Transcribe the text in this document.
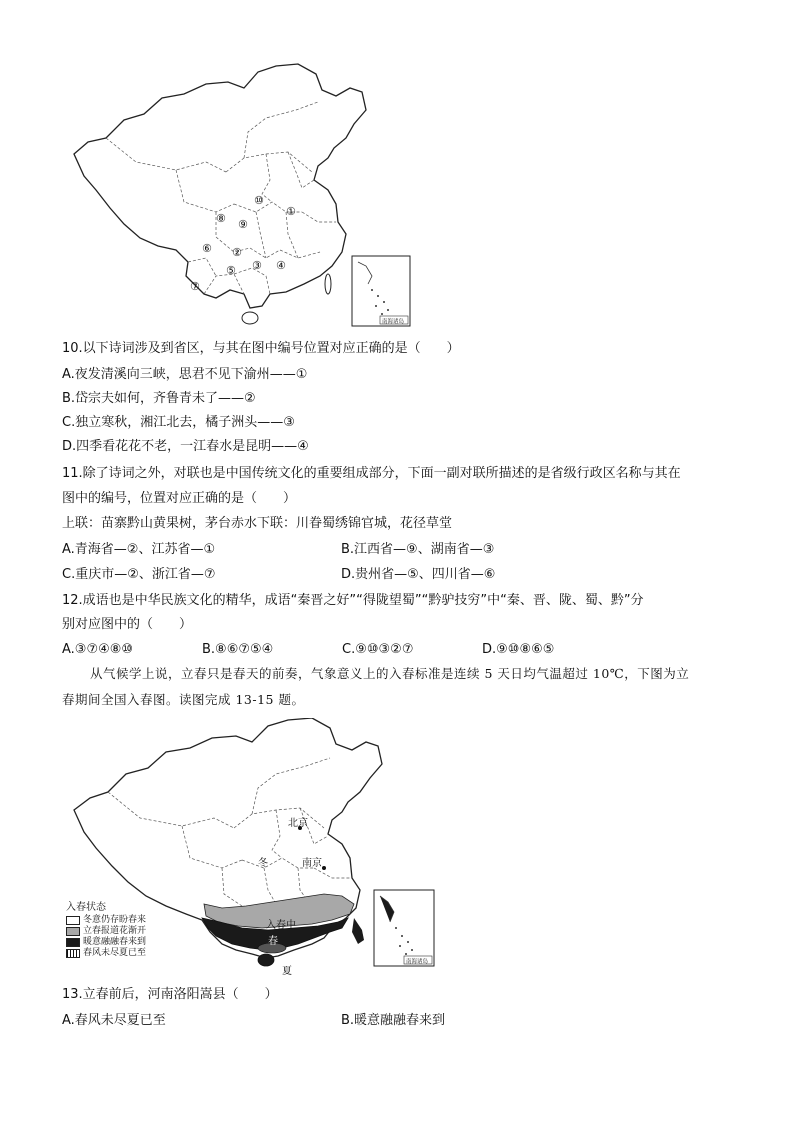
①
②
③ ④
⑤
⑥
⑦
⑧ ⑨
⑩
南海诸岛
10.以下诗词涉及到省区，与其在图中编号位置对应正确的是（　　）
A.夜发清溪向三峡，思君不见下渝州——①
B.岱宗夫如何，齐鲁青未了——②
C.独立寒秋，湘江北去，橘子洲头——③
D.四季看花花不老，一江春水是昆明——④
11.除了诗词之外，对联也是中国传统文化的重要组成部分，下面一副对联所描述的是省级行政区名称与其在
图中的编号，位置对应正确的是（　　）
上联：苗寨黔山黄果树，茅台赤水下联：川眷蜀绣锦官城，花径草堂
A.青海省—②、江苏省—①	B.江西省—⑨、湖南省—③
C.重庆市—②、浙江省—⑦	D.贵州省—⑤、四川省—⑥
12.成语也是中华民族文化的精华，成语“秦晋之好”“得陇望蜀”“黔驴技穷”中“秦、晋、陇、蜀、黔”分
别对应图中的（　　）
A.③⑦④⑧⑩	B.⑧⑥⑦⑤④	C.⑨⑩③②⑦	D.⑨⑩⑧⑥⑤
从气候学上说，立春只是春天的前奏，气象意义上的入春标准是连续 5 天日均气温超过 10℃，下图为立
春期间全国入春图。读图完成 13-15 题。
北京
南京
冬
入春中
春
夏
南海诸岛
入春状态
冬意仍存盼春来
立春报道花渐开
暖意融融春来到
春风未尽夏已至
13.立春前后，河南洛阳嵩县（　　）
A.春风未尽夏已至	B.暖意融融春来到
